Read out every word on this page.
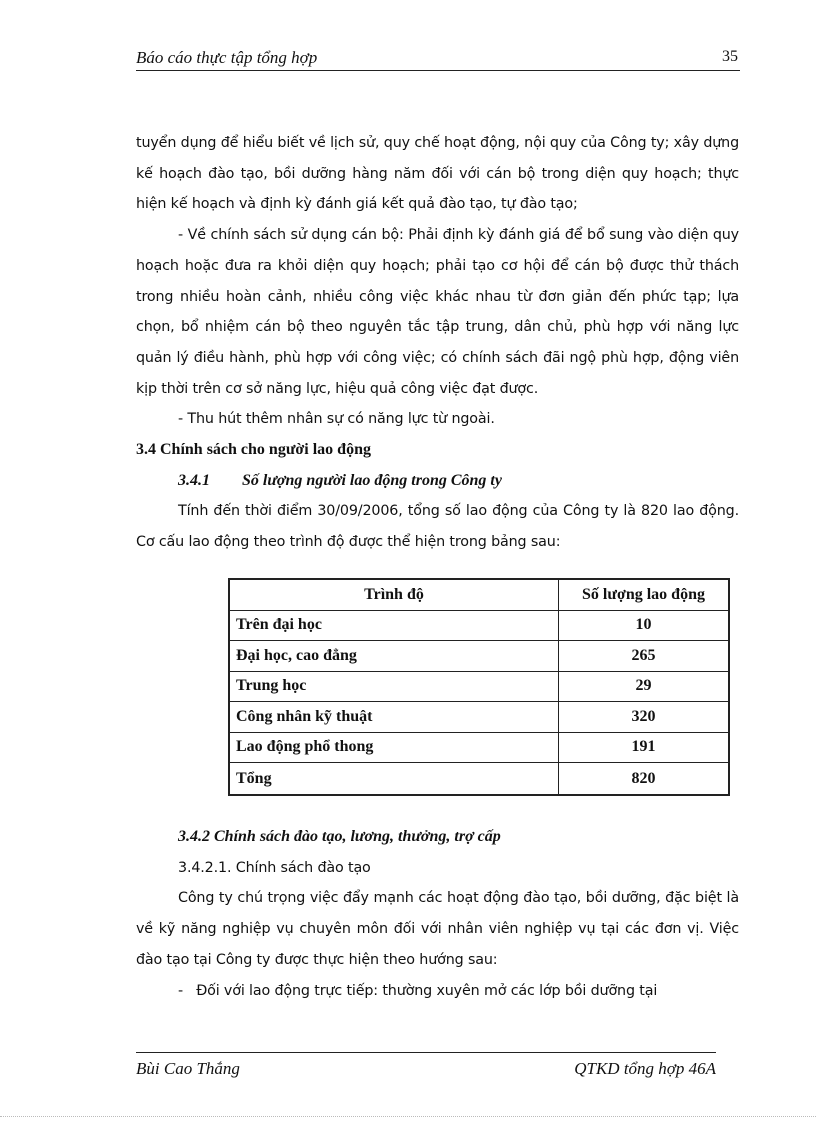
Báo cáo thực tập tổng hợp	35

tuyển dụng để hiểu biết về lịch sử, quy chế hoạt động, nội quy của Công ty; xây dựng kế hoạch đào tạo, bồi dưỡng hàng năm đối với cán bộ trong diện quy hoạch; thực hiện kế hoạch và định kỳ đánh giá kết quả đào tạo, tự đào tạo;

- Về chính sách sử dụng cán bộ: Phải định kỳ đánh giá để bổ sung vào diện quy hoạch hoặc đưa ra khỏi diện quy hoạch; phải tạo cơ hội để cán bộ được thử thách trong nhiều hoàn cảnh, nhiều công việc khác nhau từ đơn giản đến phức tạp; lựa chọn, bổ nhiệm cán bộ theo nguyên tắc tập trung, dân chủ, phù hợp với năng lực quản lý điều hành, phù hợp với công việc; có chính sách đãi ngộ phù hợp, động viên kịp thời trên cơ sở năng lực, hiệu quả công việc đạt được.

- Thu hút thêm nhân sự có năng lực từ ngoài.

3.4 Chính sách cho người lao động

3.4.1 Số lượng người lao động trong Công ty

Tính đến thời điểm 30/09/2006, tổng số lao động của Công ty là 820 lao động. Cơ cấu lao động theo trình độ được thể hiện trong bảng sau:

Trình độ	Số lượng lao động
Trên đại học	10
Đại học, cao đẳng	265
Trung học	29
Công nhân kỹ thuật	320
Lao động phổ thong	191
Tổng	820

3.4.2 Chính sách đào tạo, lương, thưởng, trợ cấp

3.4.2.1. Chính sách đào tạo

Công ty chú trọng việc đẩy mạnh các hoạt động đào tạo, bồi dưỡng, đặc biệt là về kỹ năng nghiệp vụ chuyên môn đối với nhân viên nghiệp vụ tại các đơn vị. Việc đào tạo tại Công ty được thực hiện theo hướng sau:

-   Đối với lao động trực tiếp: thường xuyên mở các lớp bồi dưỡng tại

Bùi Cao Thắng	QTKD tổng hợp 46A
